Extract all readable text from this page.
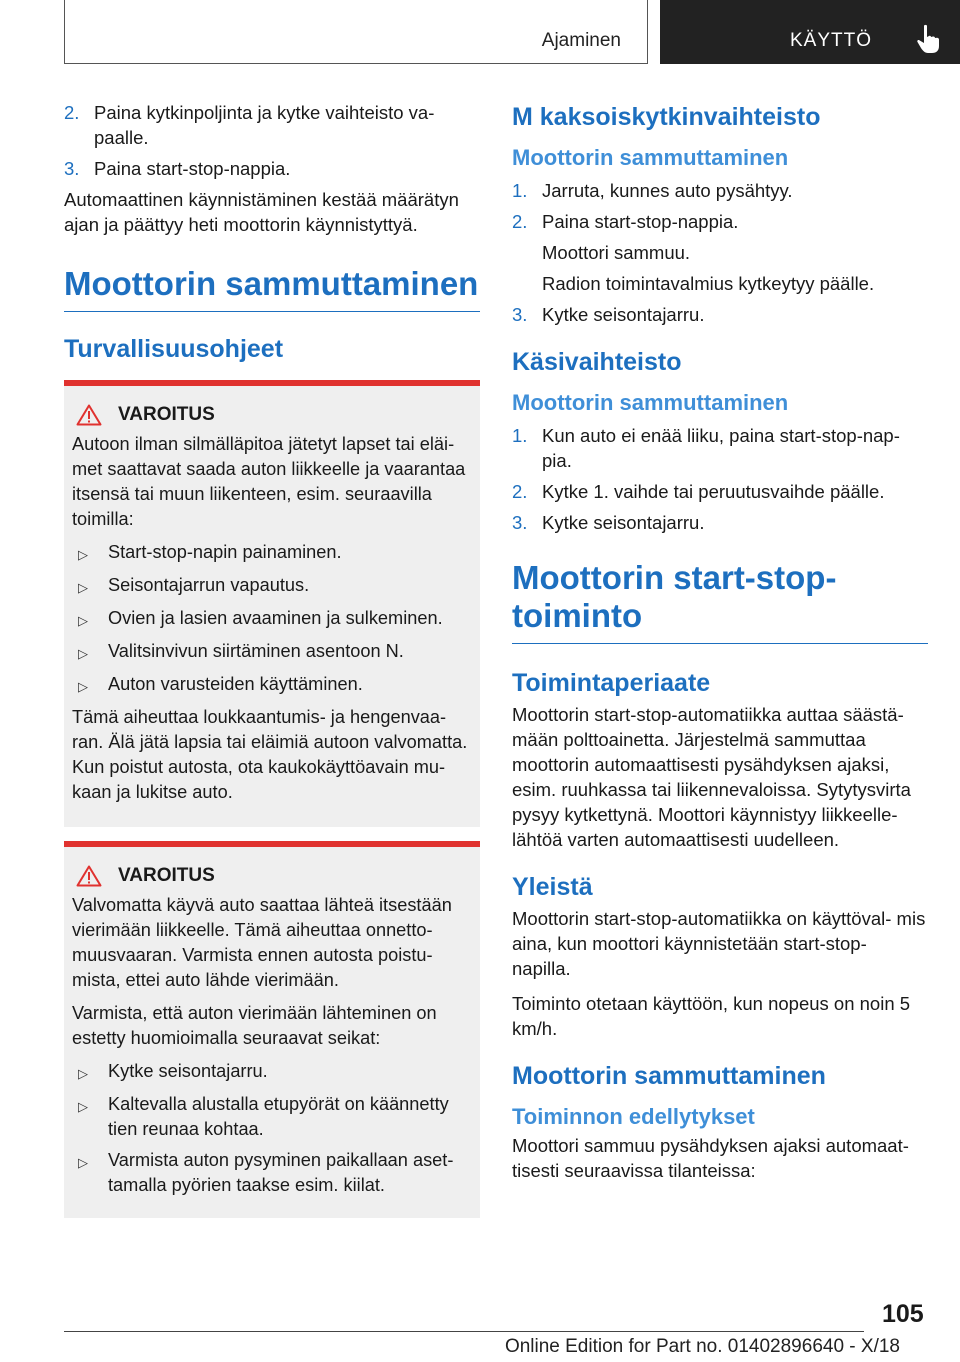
Ajaminen	KÄYTTÖ
2. Paina kytkinpoljinta ja kytke vaihteisto va‐ paalle.
3. Paina start-stop-nappia.

Automaattinen käynnistäminen kestää määrätyn ajan ja päättyy heti moottorin käynnistyttyä.

Moottorin sammuttaminen
Turvallisuusohjeet
VAROITUS

Autoon ilman silmälläpitoa jätetyt lapset tai eläi‐ met saattavat saada auton liikkeelle ja vaarantaa itsensä tai muun liikenteen, esim. seuraavilla toimilla:

▷	Start-stop-napin painaminen.
▷	Seisontajarrun vapautus.
▷	Ovien ja lasien avaaminen ja sulkeminen.
▷	Valitsinvivun siirtäminen asentoon N.
▷	Auton varusteiden käyttäminen.

Tämä aiheuttaa loukkaantumis- ja hengenvaa‐ ran. Älä jätä lapsia tai eläimiä autoon valvomatta. Kun poistut autosta, ota kaukokäyttöavain mu‐ kaan ja lukitse auto.

VAROITUS

Valvomatta käyvä auto saattaa lähteä itsestään vierimään liikkeelle. Tämä aiheuttaa onnetto‐ muusvaaran. Varmista ennen autosta poistu‐ mista, ettei auto lähde vierimään.

Varmista, että auton vierimään lähteminen on estetty huomioimalla seuraavat seikat:

▷	Kytke seisontajarru.
▷	Kaltevalla alustalla etupyörät on käännetty tien reunaa kohtaa.
▷	Varmista auton pysyminen paikallaan aset‐ tamalla pyörien taakse esim. kiilat.
M kaksoiskytkinvaihteisto
Moottorin sammuttaminen
1. Jarruta, kunnes auto pysähtyy.
2. Paina start-stop-nappia.
Moottori sammuu.
Radion toimintavalmius kytkeytyy päälle.
3. Kytke seisontajarru.
Käsivaihteisto
Moottorin sammuttaminen
1. Kun auto ei enää liiku, paina start-stop-nap‐ pia.
2. Kytke 1. vaihde tai peruutusvaihde päälle.
3. Kytke seisontajarru.
Moottorin start-stop-toiminto
Toimintaperiaate

Moottorin start-stop-automatiikka auttaa säästä‐ mään polttoainetta. Järjestelmä sammuttaa moottorin automaattisesti pysähdyksen ajaksi, esim. ruuhkassa tai liikennevaloissa. Sytytysvirta pysyy kytkettynä. Moottori käynnistyy liikkeelle‐ lähtöä varten automaattisesti uudelleen.

Yleistä

Moottorin start-stop-automatiikka on käyttöval‐ mis aina, kun moottori käynnistetään start-stop- napilla.

Toiminto otetaan käyttöön, kun nopeus on noin 5 km/h.

Moottorin sammuttaminen
Toiminnon edellytykset

Moottori sammuu pysähdyksen ajaksi automaat‐ tisesti seuraavissa tilanteissa:

105
Online Edition for Part no. 01402896640 - X/18
